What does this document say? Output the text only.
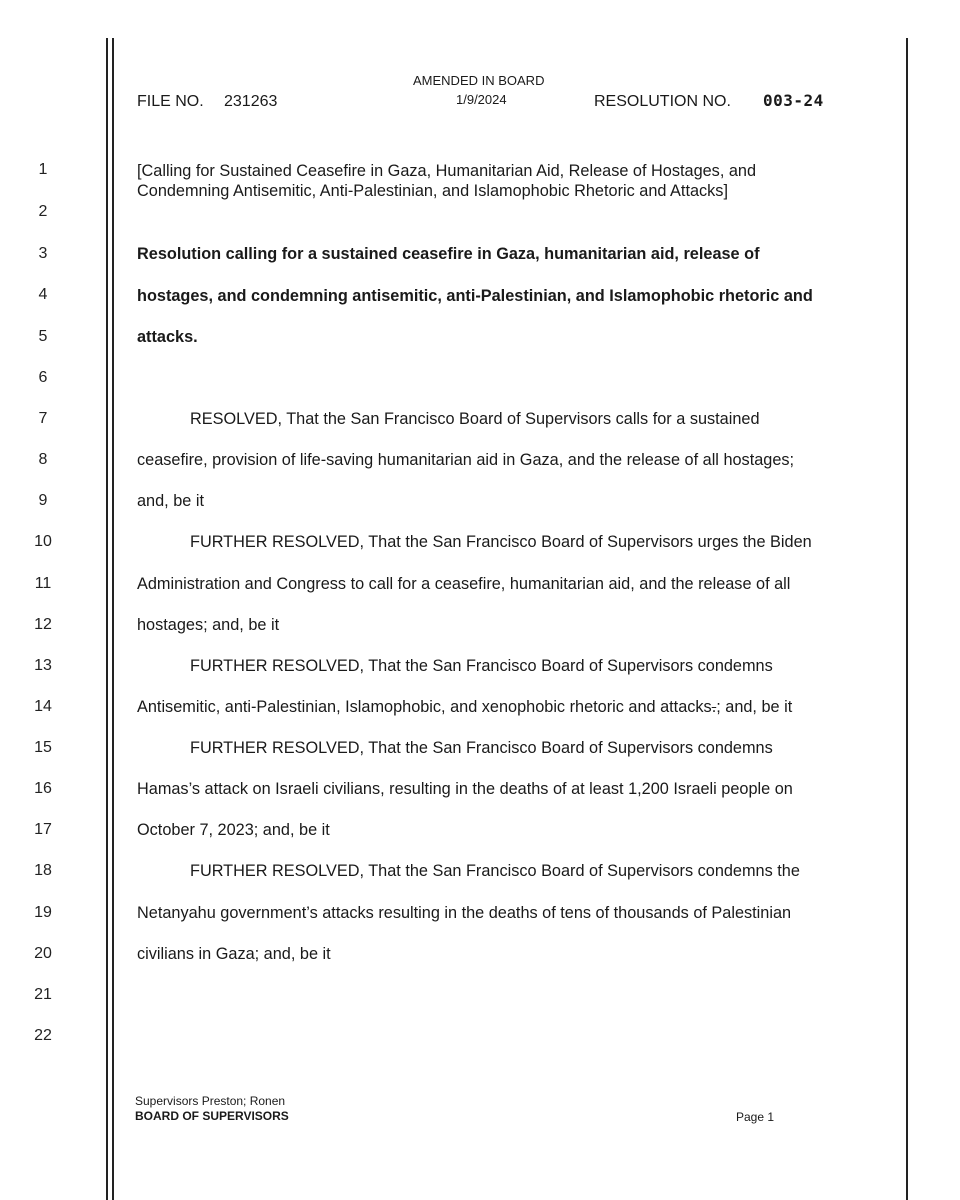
AMENDED IN BOARD
FILE NO. 231263	1/9/2024	RESOLUTION NO. 003-24
1
2
3
4
5
6
7
8
9
10
11
12
13
14
15
16
17
18
19
20
21
22
[Calling for Sustained Ceasefire in Gaza, Humanitarian Aid, Release of Hostages, and
Condemning Antisemitic, Anti-Palestinian, and Islamophobic Rhetoric and Attacks]
Resolution calling for a sustained ceasefire in Gaza, humanitarian aid, release of
hostages, and condemning antisemitic, anti-Palestinian, and Islamophobic rhetoric and
attacks.
RESOLVED, That the San Francisco Board of Supervisors calls for a sustained
ceasefire, provision of life-saving humanitarian aid in Gaza, and the release of all hostages;
and, be it
FURTHER RESOLVED, That the San Francisco Board of Supervisors urges the Biden
Administration and Congress to call for a ceasefire, humanitarian aid, and the release of all
hostages; and, be it
FURTHER RESOLVED, That the San Francisco Board of Supervisors condemns
Antisemitic, anti-Palestinian, Islamophobic, and xenophobic rhetoric and attacks.; and, be it
FURTHER RESOLVED, That the San Francisco Board of Supervisors condemns
Hamas’s attack on Israeli civilians, resulting in the deaths of at least 1,200 Israeli people on
October 7, 2023; and, be it
FURTHER RESOLVED, That the San Francisco Board of Supervisors condemns the
Netanyahu government’s attacks resulting in the deaths of tens of thousands of Palestinian
civilians in Gaza; and, be it
Supervisors Preston; Ronen
BOARD OF SUPERVISORS	Page 1
